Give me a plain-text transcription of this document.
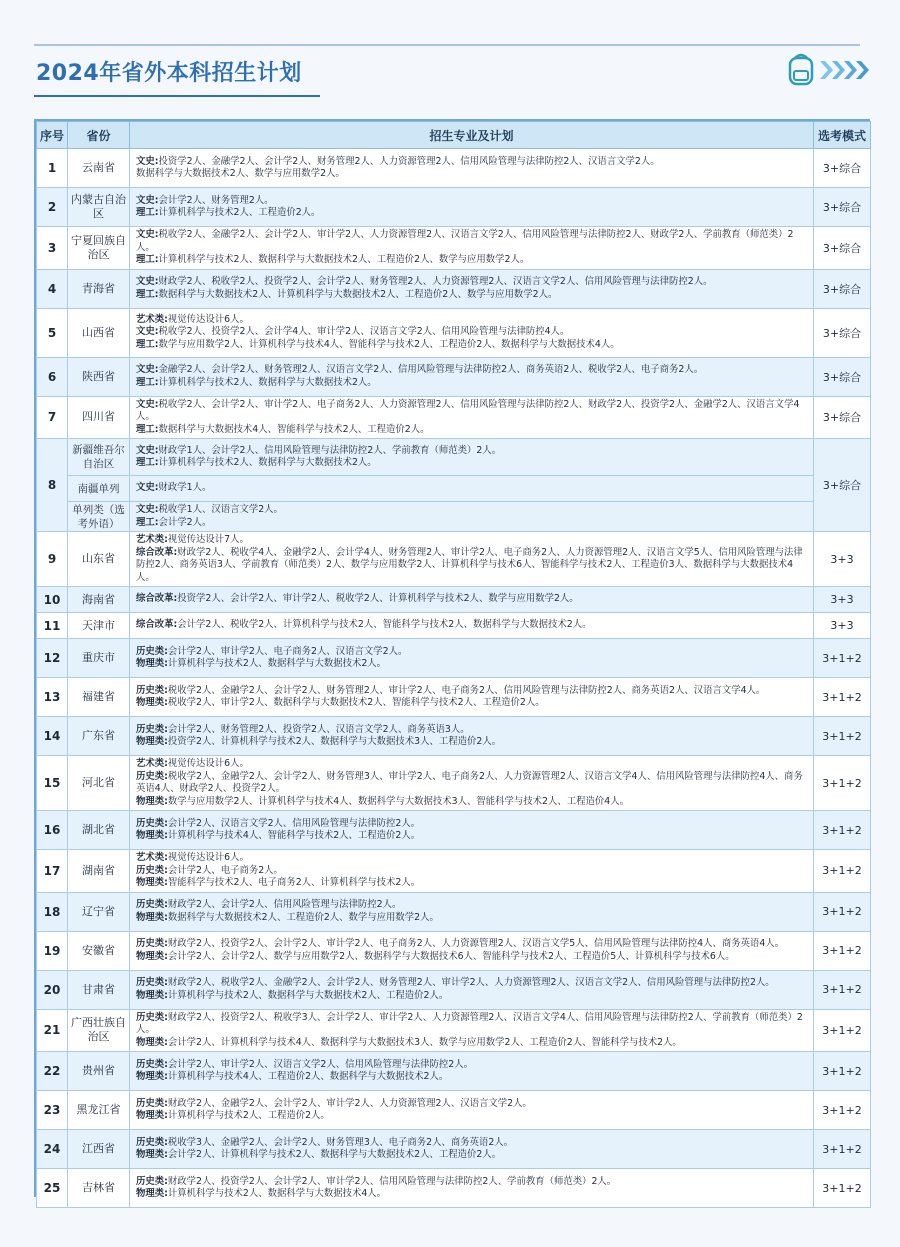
2024年省外本科招生计划
序号	省份	招生专业及计划	选考模式
1	云南省	文史:投资学2人、金融学2人、会计学2人、财务管理2人、人力资源管理2人、信用风险管理与法律防控2人、汉语言文学2人。
数据科学与大数据技术2人、数学与应用数学2人。	3+综合
2	内蒙古自治区	文史:会计学2人、财务管理2人。
理工:计算机科学与技术2人、工程造价2人。	3+综合
3	宁夏回族自治区	文史:税收学2人、金融学2人、会计学2人、审计学2人、人力资源管理2人、汉语言文学2人、信用风险管理与法律防控2人、财政学2人、学前教育（师范类）2人。
理工:计算机科学与技术2人、数据科学与大数据技术2人、工程造价2人、数学与应用数学2人。	3+综合
4	青海省	文史:财政学2人、税收学2人、投资学2人、会计学2人、财务管理2人、人力资源管理2人、汉语言文学2人、信用风险管理与法律防控2人。
理工:数据科学与大数据技术2人、计算机科学与大数据技术2人、工程造价2人、数学与应用数学2人。	3+综合
5	山西省	艺术类:视觉传达设计6人。
文史:税收学2人、投资学2人、会计学4人、审计学2人、汉语言文学2人、信用风险管理与法律防控4人。
理工:数学与应用数学2人、计算机科学与技术4人、智能科学与技术2人、工程造价2人、数据科学与大数据技术4人。	3+综合
6	陕西省	文史:金融学2人、会计学2人、财务管理2人、汉语言文学2人、信用风险管理与法律防控2人、商务英语2人、税收学2人、电子商务2人。
理工:计算机科学与技术2人、数据科学与大数据技术2人。	3+综合
7	四川省	文史:税收学2人、会计学2人、审计学2人、电子商务2人、人力资源管理2人、信用风险管理与法律防控2人、财政学2人、投资学2人、金融学2人、汉语言文学4人。
理工:数据科学与大数据技术4人、智能科学与技术2人、工程造价2人。	3+综合
8	新疆维吾尔自治区	文史:财政学1人、会计学2人、信用风险管理与法律防控2人、学前教育（师范类）2人。
理工:计算机科学与技术2人、数据科学与大数据技术2人。	3+综合
	南疆单列	文史:财政学1人。	

	单列类（选考外语）	文史:税收学1人、汉语言文学2人。
理工:会计学2人。	

9	山东省	艺术类:视觉传达设计7人。
综合改革:财政学2人、税收学4人、金融学2人、会计学4人、财务管理2人、审计学2人、电子商务2人、人力资源管理2人、汉语言文学5人、信用风险管理与法律防控2人、商务英语3人、学前教育（师范类）2人、数学与应用数学2人、计算机科学与技术6人、智能科学与技术2人、工程造价3人、数据科学与大数据技术4人。	3+3
10	海南省	综合改革:投资学2人、会计学2人、审计学2人、税收学2人、计算机科学与技术2人、数学与应用数学2人。	3+3
11	天津市	综合改革:会计学2人、税收学2人、计算机科学与技术2人、智能科学与技术2人、数据科学与大数据技术2人。	3+3
12	重庆市	历史类:会计学2人、审计学2人、电子商务2人、汉语言文学2人。
物理类:计算机科学与技术2人、数据科学与大数据技术2人。	3+1+2
13	福建省	历史类:税收学2人、金融学2人、会计学2人、财务管理2人、审计学2人、电子商务2人、信用风险管理与法律防控2人、商务英语2人、汉语言文学4人。
物理类:税收学2人、审计学2人、数据科学与大数据技术2人、智能科学与技术2人、工程造价2人。	3+1+2
14	广东省	历史类:会计学2人、财务管理2人、投资学2人、汉语言文学2人、商务英语3人。
物理类:投资学2人、计算机科学与技术2人、数据科学与大数据技术3人、工程造价2人。	3+1+2
15	河北省	艺术类:视觉传达设计6人。
历史类:税收学2人、金融学2人、会计学2人、财务管理3人、审计学2人、电子商务2人、人力资源管理2人、汉语言文学4人、信用风险管理与法律防控4人、商务英语4人、财政学2人、投资学2人。
物理类:数学与应用数学2人、计算机科学与技术4人、数据科学与大数据技术3人、智能科学与技术2人、工程造价4人。	3+1+2
16	湖北省	历史类:会计学2人、汉语言文学2人、信用风险管理与法律防控2人。
物理类:计算机科学与技术4人、智能科学与技术2人、工程造价2人。	3+1+2
17	湖南省	艺术类:视觉传达设计6人。
历史类:会计学2人、电子商务2人。
物理类:智能科学与技术2人、电子商务2人、计算机科学与技术2人。	3+1+2
18	辽宁省	历史类:财政学2人、会计学2人、信用风险管理与法律防控2人。
物理类:数据科学与大数据技术2人、工程造价2人、数学与应用数学2人。	3+1+2
19	安徽省	历史类:财政学2人、投资学2人、会计学2人、审计学2人、电子商务2人、人力资源管理2人、汉语言文学5人、信用风险管理与法律防控4人、商务英语4人。
物理类:会计学2人、会计学2人、数学与应用数学2人、数据科学与大数据技术6人、智能科学与技术2人、工程造价5人、计算机科学与技术6人。	3+1+2
20	甘肃省	历史类:财政学2人、税收学2人、金融学2人、会计学2人、财务管理2人、审计学2人、人力资源管理2人、汉语言文学2人、信用风险管理与法律防控2人。
物理类:计算机科学与技术2人、数据科学与大数据技术2人、工程造价2人。	3+1+2
21	广西壮族自治区	历史类:财政学2人、投资学2人、税收学3人、会计学2人、审计学2人、人力资源管理2人、汉语言文学4人、信用风险管理与法律防控2人、学前教育（师范类）2人。
物理类:会计学2人、计算机科学与技术4人、数据科学与大数据技术3人、数学与应用数学2人、工程造价2人、智能科学与技术2人。	3+1+2
22	贵州省	历史类:会计学2人、审计学2人、汉语言文学2人、信用风险管理与法律防控2人。
物理类:计算机科学与技术4人、工程造价2人、数据科学与大数据技术2人。	3+1+2
23	黑龙江省	历史类:财政学2人、金融学2人、会计学2人、审计学2人、人力资源管理2人、汉语言文学2人。
物理类:计算机科学与技术2人、工程造价2人。	3+1+2
24	江西省	历史类:税收学3人、金融学2人、会计学2人、财务管理3人、电子商务2人、商务英语2人。
物理类:会计学2人、计算机科学与技术2人、数据科学与大数据技术2人、工程造价2人。	3+1+2
25	吉林省	历史类:财政学2人、投资学2人、会计学2人、审计学2人、信用风险管理与法律防控2人、学前教育（师范类）2人。
物理类:计算机科学与技术2人、数据科学与大数据技术4人。	3+1+2
